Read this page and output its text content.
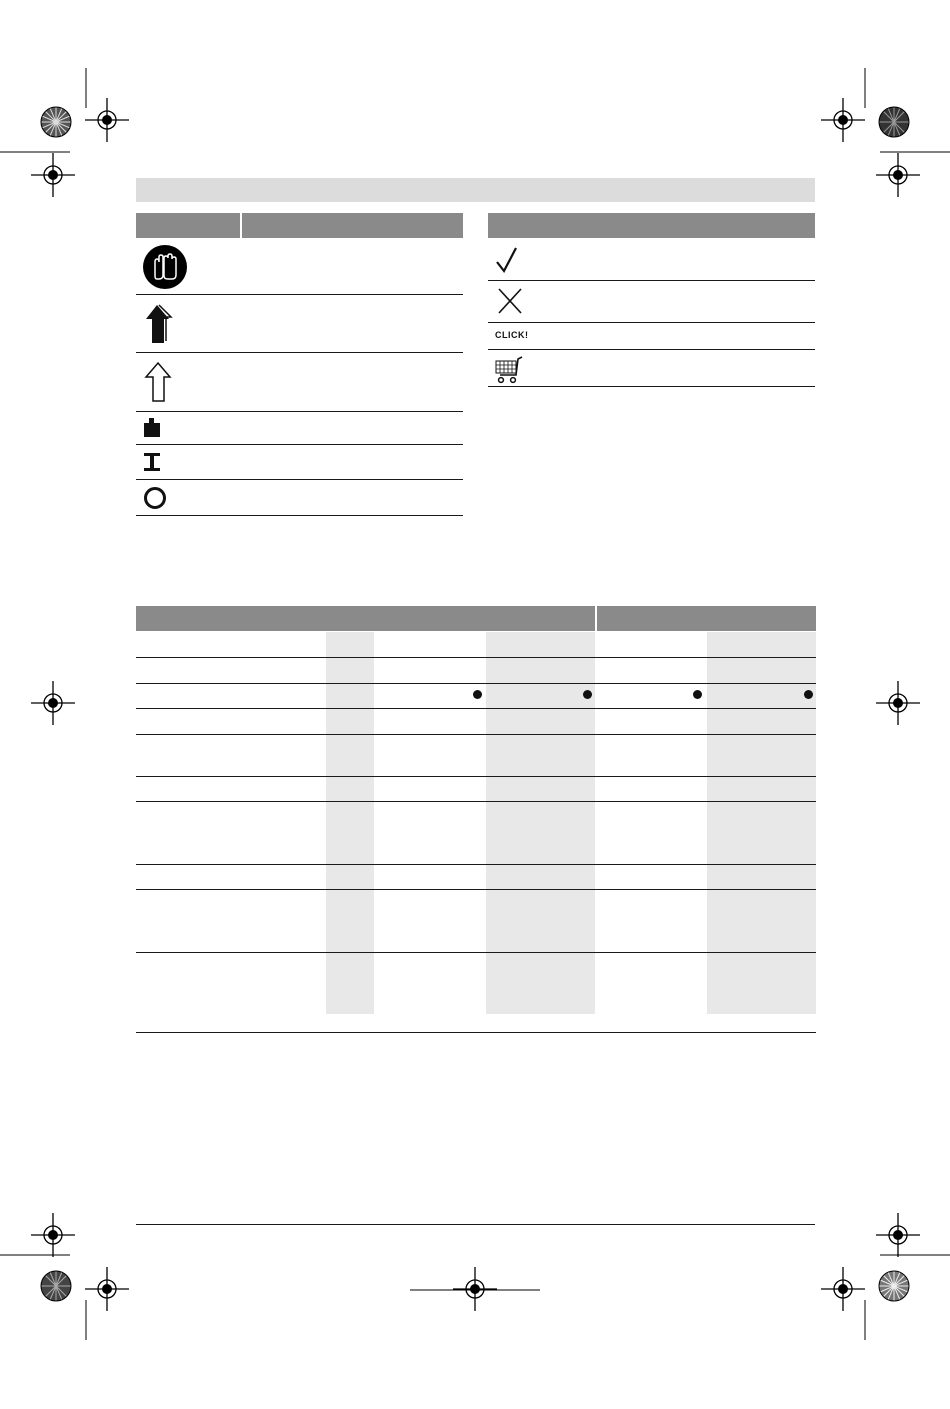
CLICK!
